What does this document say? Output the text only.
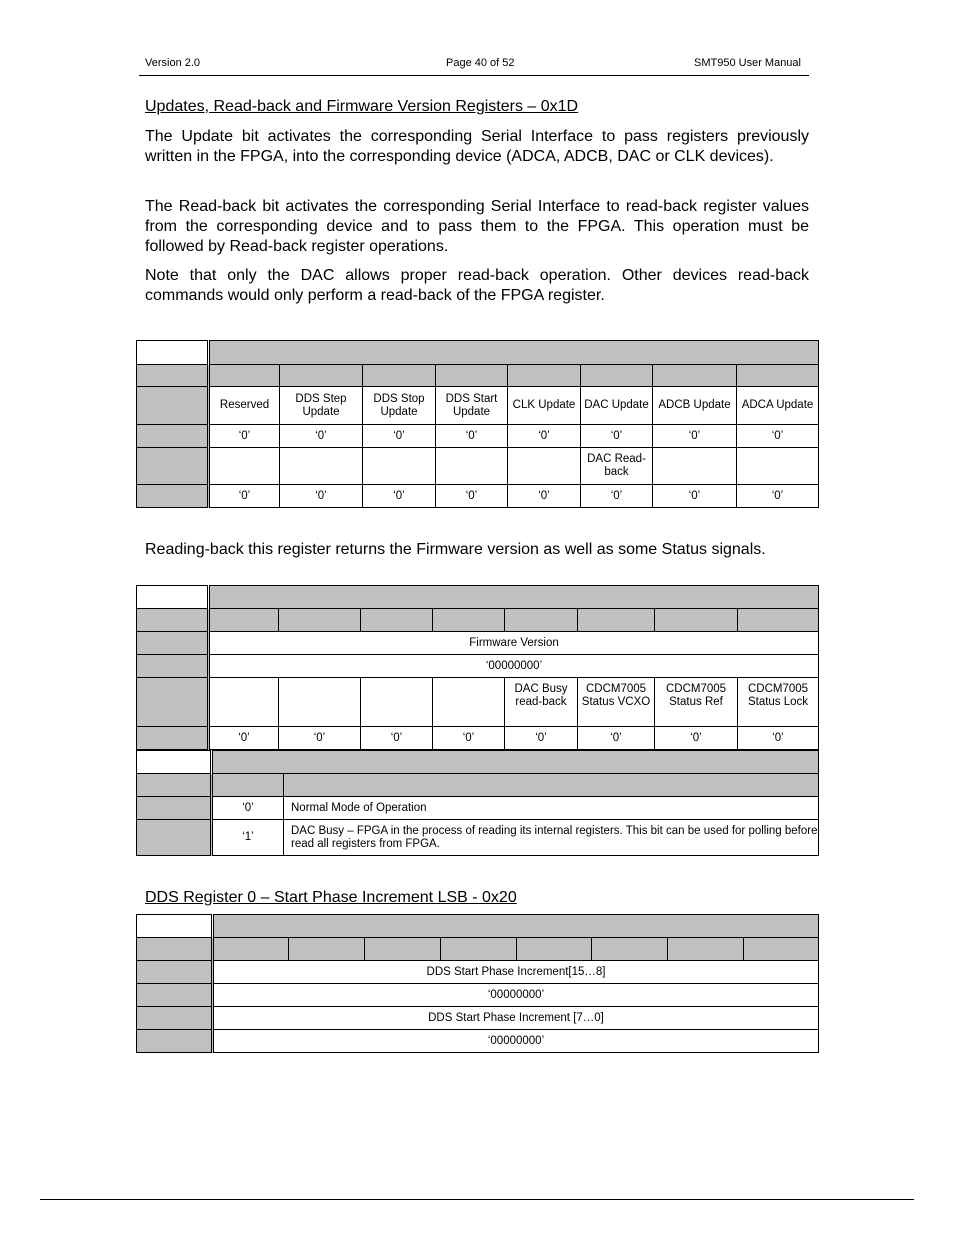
Version 2.0	Page 40 of 52	SMT950 User Manual
Updates, Read-back and Firmware Version Registers – 0x1D

The Update bit activates the corresponding Serial Interface to pass registers previously written in the FPGA, into the corresponding device (ADCA, ADCB, DAC or CLK devices).

The Read-back bit activates the corresponding Serial Interface to read-back register values from the corresponding device and to pass them to the FPGA. This operation must be followed by Read-back register operations.

Note that only the DAC allows proper read-back operation. Other devices read-back commands would only perform a read-back of the FPGA register.

	Reserved	DDS Step Update	DDS Stop Update	DDS Start Update	CLK Update	DAC Update	ADCB Update	ADCA Update
	‘0’	‘0’	‘0’	‘0’	‘0’	‘0’	‘0’	‘0’
						DAC Read-back		
	‘0’	‘0’	‘0’	‘0’	‘0’	‘0’	‘0’	‘0’

Reading-back this register returns the Firmware version as well as some Status signals.

	Firmware Version							
	‘00000000’							
					DAC Busy read-back	CDCM7005 Status VCXO	CDCM7005 Status Ref	CDCM7005 Status Lock
	‘0’	‘0’	‘0’	‘0’	‘0’	‘0’	‘0’	‘0’

	‘0’	Normal Mode of Operation
	‘1’	DAC Busy – FPGA in the process of reading its internal registers. This bit can be used for polling before read all registers from FPGA.
DDS Register 0 – Start Phase Increment LSB - 0x20

	DDS Start Phase Increment[15…8]							
	‘00000000’							
	DDS Start Phase Increment [7…0]							
	‘00000000’							
